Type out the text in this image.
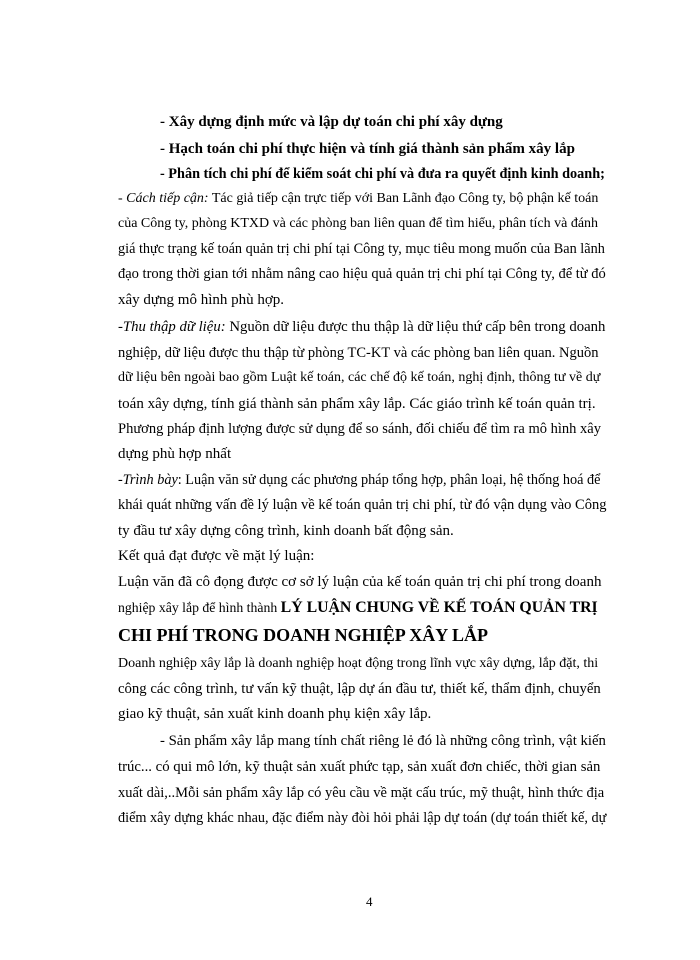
- Xây dựng định mức và lập dự toán chi phí xây dựng
- Hạch toán chi phí thực hiện và tính giá thành sản phẩm xây lắp
- Phân tích chi phí để kiểm soát chi phí và đưa ra quyết định kinh doanh;
- Cách tiếp cận: Tác giả tiếp cận trực tiếp với Ban Lãnh đạo Công ty, bộ phận kế toán
của Công ty, phòng KTXD và các phòng ban liên quan để tìm hiểu, phân tích và đánh
giá thực trạng kế toán quản trị chi phí tại Công ty, mục tiêu mong muốn của Ban lãnh
đạo trong thời gian tới nhằm nâng cao hiệu quả quản trị chi phí tại Công ty, để từ đó
xây dựng mô hình phù hợp.
-Thu thập dữ liệu: Nguồn dữ liệu được thu thập là dữ liệu thứ cấp bên trong doanh
nghiệp, dữ liệu được thu thập từ phòng TC-KT và các phòng ban liên quan. Nguồn
dữ liệu bên ngoài bao gồm Luật kế toán, các chế độ kế toán, nghị định, thông tư về dự
toán xây dựng, tính giá thành sản phẩm xây lắp. Các giáo trình kế toán quản trị.
Phương pháp định lượng được sử dụng để so sánh, đối chiếu để tìm ra mô hình xây
dựng phù hợp nhất
-Trình bày: Luận văn sử dụng các phương pháp tổng hợp, phân loại, hệ thống hoá để
khái quát những vấn đề lý luận về kế toán quản trị chi phí, từ đó vận dụng vào Công
ty đầu tư xây dựng công trình, kinh doanh bất động sản.
Kết quả đạt được về mặt lý luận:
Luận văn đã cô đọng được cơ sở lý luận của kế toán quản trị chi phí trong doanh
nghiệp xây lắp để hình thành LÝ LUẬN CHUNG VỀ KẾ TOÁN QUẢN TRỊ
CHI PHÍ TRONG DOANH NGHIỆP XÂY LẮP
Doanh nghiệp xây lắp là doanh nghiệp hoạt động trong lĩnh vực xây dựng, lắp đặt, thi
công các công trình, tư vấn kỹ thuật, lập dự án đầu tư, thiết kế, thẩm định, chuyển
giao kỹ thuật, sản xuất kinh doanh phụ kiện xây lắp.
- Sản phẩm xây lắp mang tính chất riêng lẻ đó là những công trình, vật kiến
trúc... có qui mô lớn, kỹ thuật sản xuất phức tạp, sản xuất đơn chiếc, thời gian sản
xuất dài,..Mỗi sản phẩm xây lắp có yêu cầu về mặt cấu trúc, mỹ thuật, hình thức địa
điểm xây dựng khác nhau, đặc điểm này đòi hỏi phải lập dự toán (dự toán thiết kế, dự
4
